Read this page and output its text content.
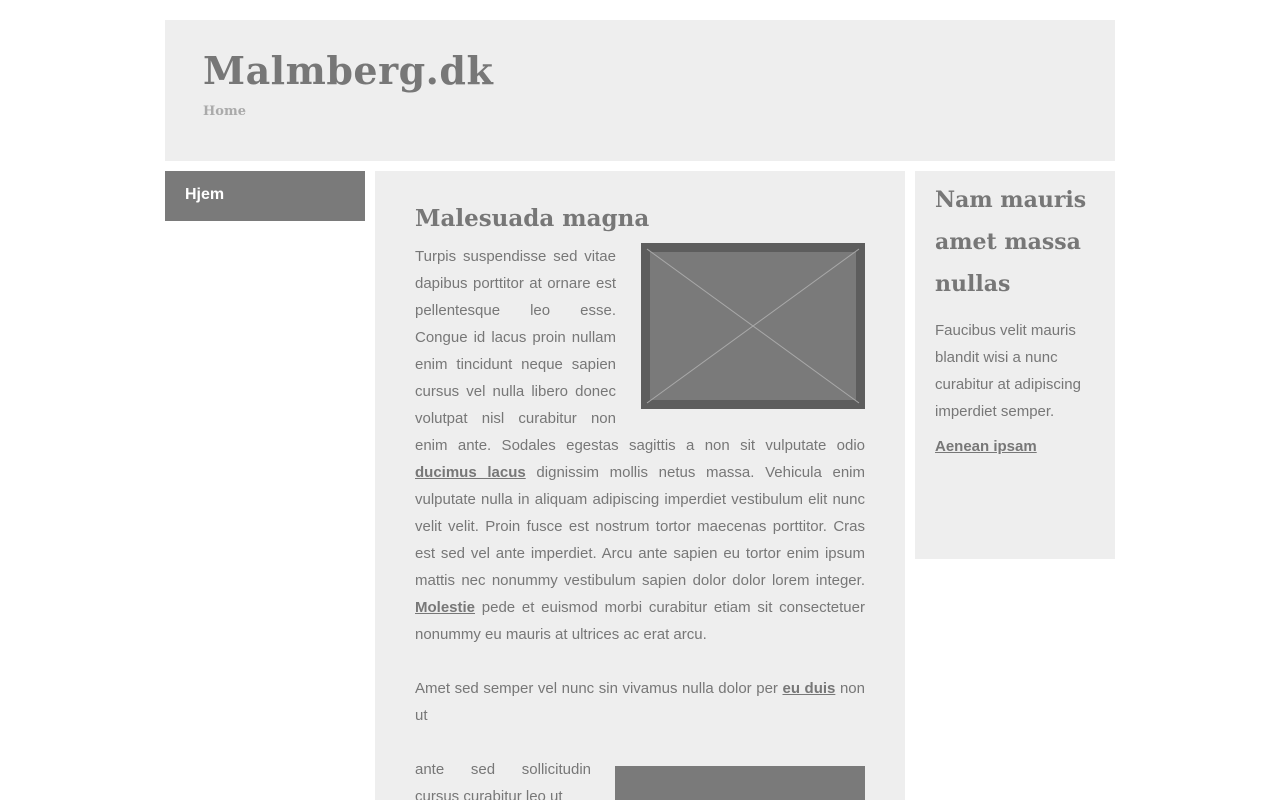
Malmberg.dk
Home
Hjem
Malesuada magna

Turpis suspendisse sed vitae dapibus porttitor at ornare est pellentesque leo esse. Congue id lacus proin nullam enim tincidunt neque sapien cursus vel nulla libero donec volutpat nisl curabitur non enim ante. Sodales egestas sagittis a non sit vulputate odio ducimus lacus dignissim mollis netus massa. Vehicula enim vulputate nulla in aliquam adipiscing imperdiet vestibulum elit nunc velit velit. Proin fusce est nostrum tortor maecenas porttitor. Cras est sed vel ante imperdiet. Arcu ante sapien eu tortor enim ipsum mattis nec nonummy vestibulum sapien dolor dolor lorem integer. Molestie pede et euismod morbi curabitur etiam sit consectetuer nonummy eu mauris at ultrices ac erat arcu.

Amet sed semper vel nunc sin vivamus nulla dolor per eu duis non ut

ante sed sollicitudin cursus curabitur leo ut

Nam mauris amet massa nullas

Faucibus velit mauris blandit wisi a nunc curabitur at adipiscing imperdiet semper.

Aenean ipsam
